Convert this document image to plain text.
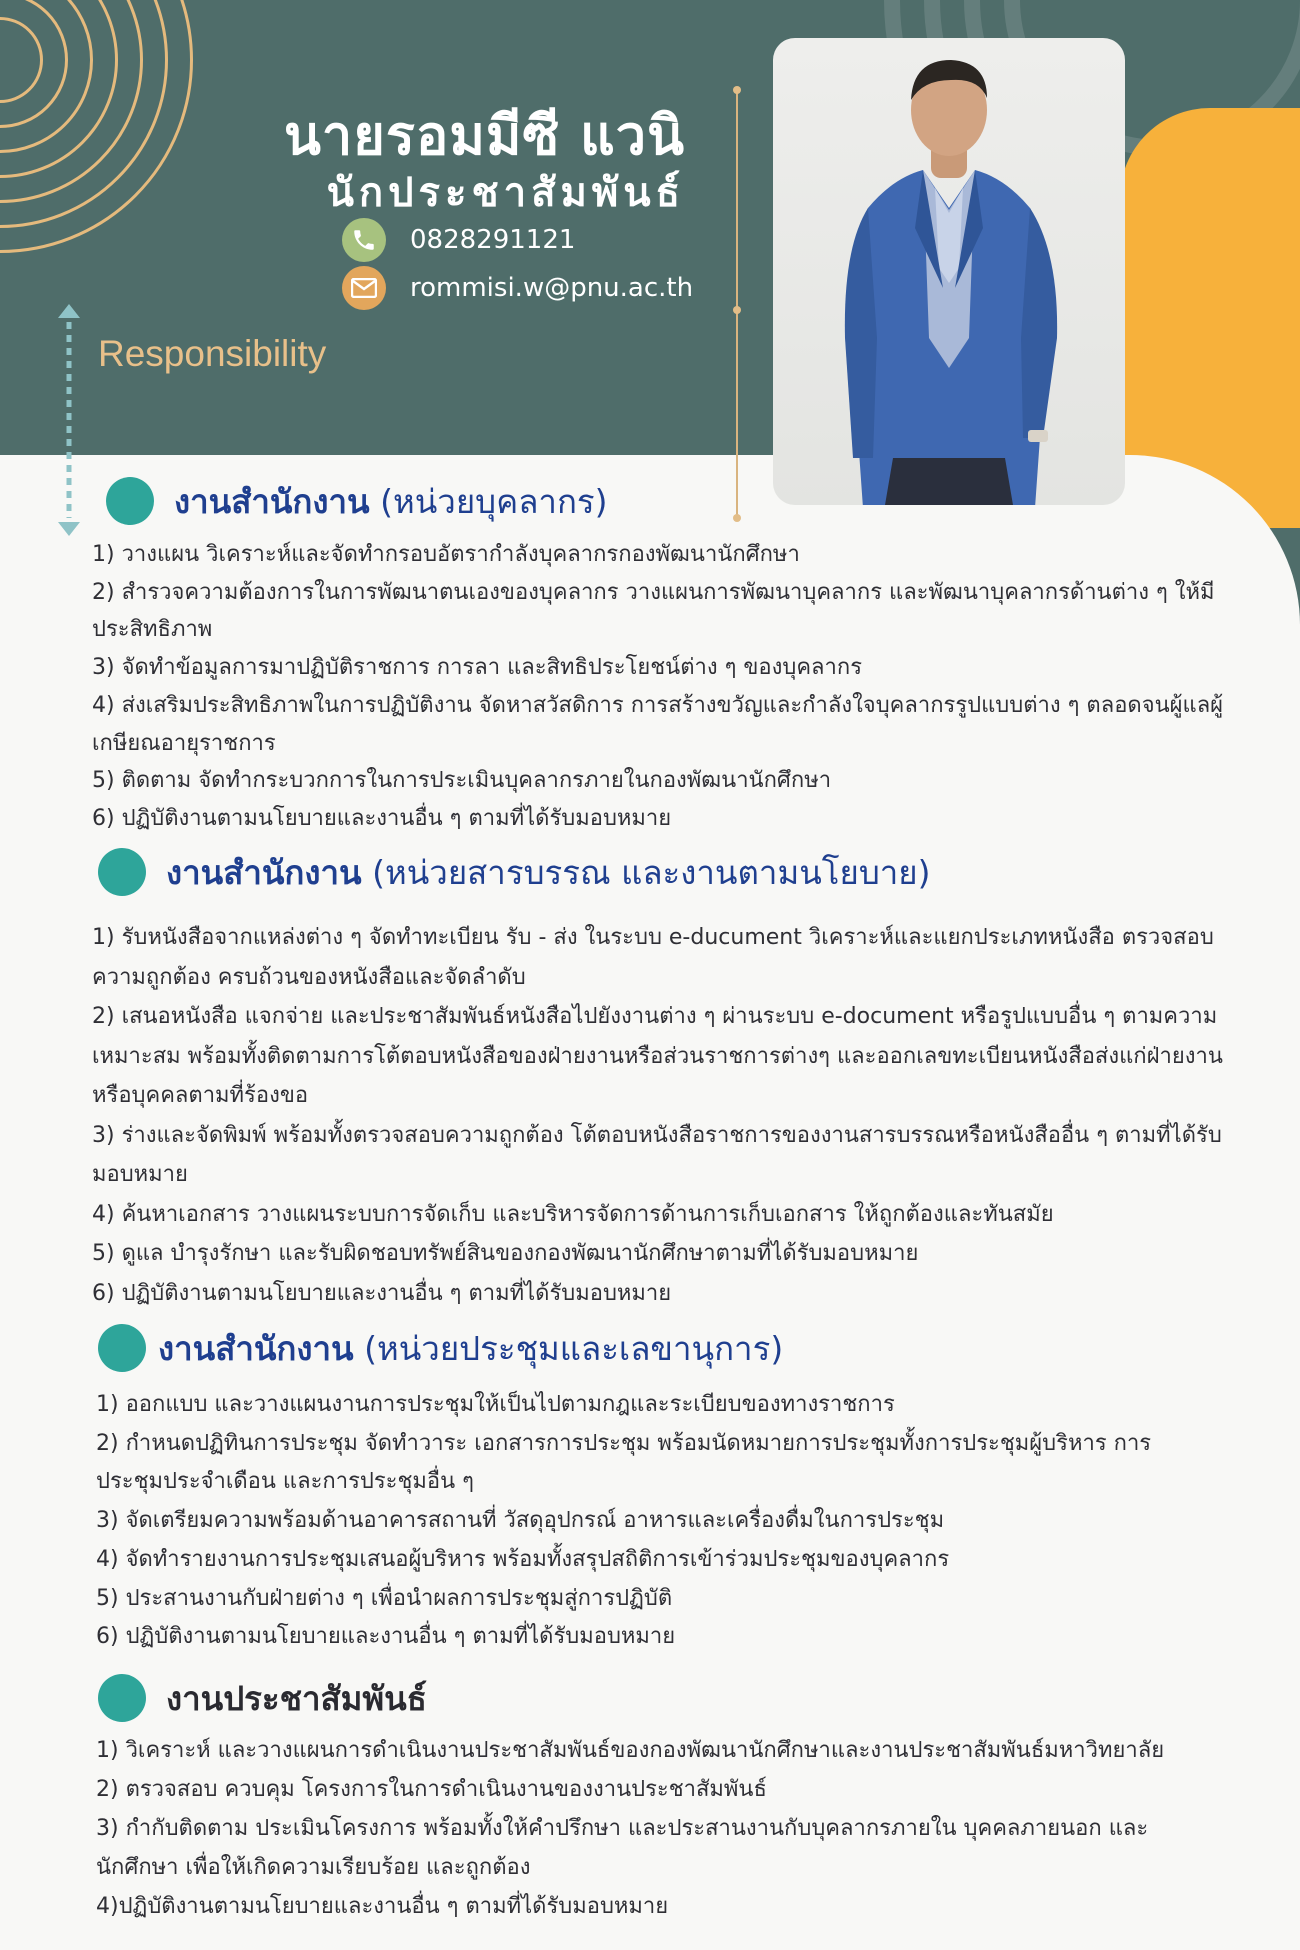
นายรอมมีซี แวนิ
นักประชาสัมพันธ์
0828291121
rommisi.w@pnu.ac.th

Responsibility

งานสำนักงาน (หน่วยบุคลากร)
1) วางแผน วิเคราะห์และจัดทำกรอบอัตรากำลังบุคลากรกองพัฒนานักศึกษา
2) สำรวจความต้องการในการพัฒนาตนเองของบุคลากร วางแผนการพัฒนาบุคลากร และพัฒนาบุคลากรด้านต่าง ๆ ให้มีประสิทธิภาพ
3) จัดทำข้อมูลการมาปฏิบัติราชการ การลา และสิทธิประโยชน์ต่าง ๆ ของบุคลากร
4) ส่งเสริมประสิทธิภาพในการปฏิบัติงาน จัดหาสวัสดิการ การสร้างขวัญและกำลังใจบุคลากรรูปแบบต่าง ๆ ตลอดจนผู้แลผู้เกษียณอายุราชการ
5) ติดตาม จัดทำกระบวกการในการประเมินบุคลากรภายในกองพัฒนานักศึกษา
6) ปฏิบัติงานตามนโยบายและงานอื่น ๆ ตามที่ได้รับมอบหมาย
งานสำนักงาน (หน่วยสารบรรณ และงานตามนโยบาย)
1) รับหนังสือจากแหล่งต่าง ๆ จัดทำทะเบียน รับ - ส่ง ในระบบ e-ducument วิเคราะห์และแยกประเภทหนังสือ ตรวจสอบความถูกต้อง ครบถ้วนของหนังสือและจัดลำดับ
2) เสนอหนังสือ แจกจ่าย และประชาสัมพันธ์หนังสือไปยังงานต่าง ๆ ผ่านระบบ e-document หรือรูปแบบอื่น ๆ ตามความเหมาะสม พร้อมทั้งติดตามการโต้ตอบหนังสือของฝ่ายงานหรือส่วนราชการต่างๆ และออกเลขทะเบียนหนังสือส่งแก่ฝ่ายงานหรือบุคคลตามที่ร้องขอ
3) ร่างและจัดพิมพ์ พร้อมทั้งตรวจสอบความถูกต้อง โต้ตอบหนังสือราชการของงานสารบรรณหรือหนังสืออื่น ๆ ตามที่ได้รับมอบหมาย
4) ค้นหาเอกสาร วางแผนระบบการจัดเก็บ และบริหารจัดการด้านการเก็บเอกสาร ให้ถูกต้องและทันสมัย
5) ดูแล บำรุงรักษา และรับผิดชอบทรัพย์สินของกองพัฒนานักศึกษาตามที่ได้รับมอบหมาย
6) ปฏิบัติงานตามนโยบายและงานอื่น ๆ ตามที่ได้รับมอบหมาย
งานสำนักงาน (หน่วยประชุมและเลขานุการ)
1) ออกแบบ และวางแผนงานการประชุมให้เป็นไปตามกฎและระเบียบของทางราชการ
2) กำหนดปฏิทินการประชุม จัดทำวาระ เอกสารการประชุม พร้อมนัดหมายการประชุมทั้งการประชุมผู้บริหาร การประชุมประจำเดือน และการประชุมอื่น ๆ
3) จัดเตรียมความพร้อมด้านอาคารสถานที่ วัสดุอุปกรณ์ อาหารและเครื่องดื่มในการประชุม
4) จัดทำรายงานการประชุมเสนอผู้บริหาร พร้อมทั้งสรุปสถิติการเข้าร่วมประชุมของบุคลากร
5) ประสานงานกับฝ่ายต่าง ๆ เพื่อนำผลการประชุมสู่การปฏิบัติ
6) ปฏิบัติงานตามนโยบายและงานอื่น ๆ ตามที่ได้รับมอบหมาย
งานประชาสัมพันธ์
1) วิเคราะห์ และวางแผนการดำเนินงานประชาสัมพันธ์ของกองพัฒนานักศึกษาและงานประชาสัมพันธ์มหาวิทยาลัย
2) ตรวจสอบ ควบคุม โครงการในการดำเนินงานของงานประชาสัมพันธ์
3) กำกับติดตาม ประเมินโครงการ พร้อมทั้งให้คำปรึกษา และประสานงานกับบุคลากรภายใน บุคคลภายนอก และนักศึกษา เพื่อให้เกิดความเรียบร้อย และถูกต้อง
4)ปฏิบัติงานตามนโยบายและงานอื่น ๆ ตามที่ได้รับมอบหมาย
